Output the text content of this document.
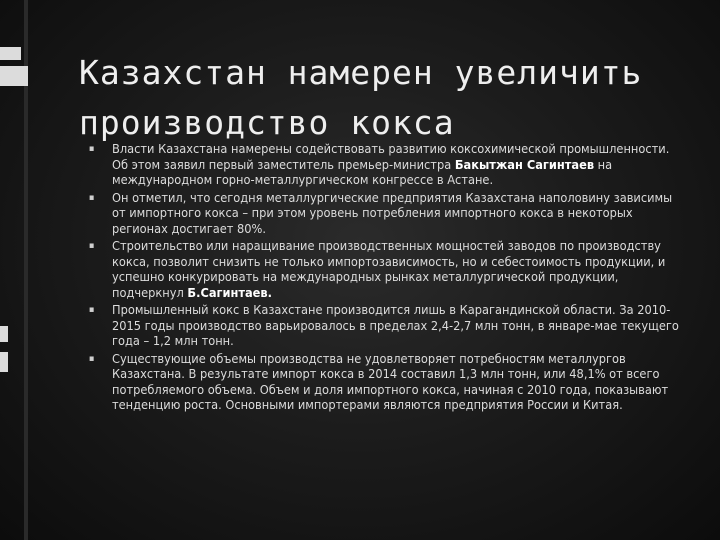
Казахстан намерен увеличить
производство кокса
▪ Власти Казахстана намерены содействовать развитию коксохимической промышленности. Об этом заявил первый заместитель премьер-министра Бакытжан Сагинтаев на международном горно-металлургическом конгрессе в Астане.
▪ Он отметил, что сегодня металлургические предприятия Казахстана наполовину зависимы от импортного кокса – при этом уровень потребления импортного кокса в некоторых регионах достигает 80%.
▪ Строительство или наращивание производственных мощностей заводов по производству кокса, позволит снизить не только импортозависимость, но и себестоимость продукции, и успешно конкурировать на международных рынках металлургической продукции, подчеркнул Б.Сагинтаев.
▪ Промышленный кокс в Казахстане производится лишь в Карагандинской области. За 2010-2015 годы производство варьировалось в пределах 2,4-2,7 млн тонн, в январе-мае текущего года – 1,2 млн тонн.
▪ Существующие объемы производства не удовлетворяет потребностям металлургов Казахстана. В результате импорт кокса в 2014 составил 1,3 млн тонн, или 48,1% от всего потребляемого объема. Объем и доля импортного кокса, начиная с 2010 года, показывают тенденцию роста. Основными импортерами являются предприятия России и Китая.
